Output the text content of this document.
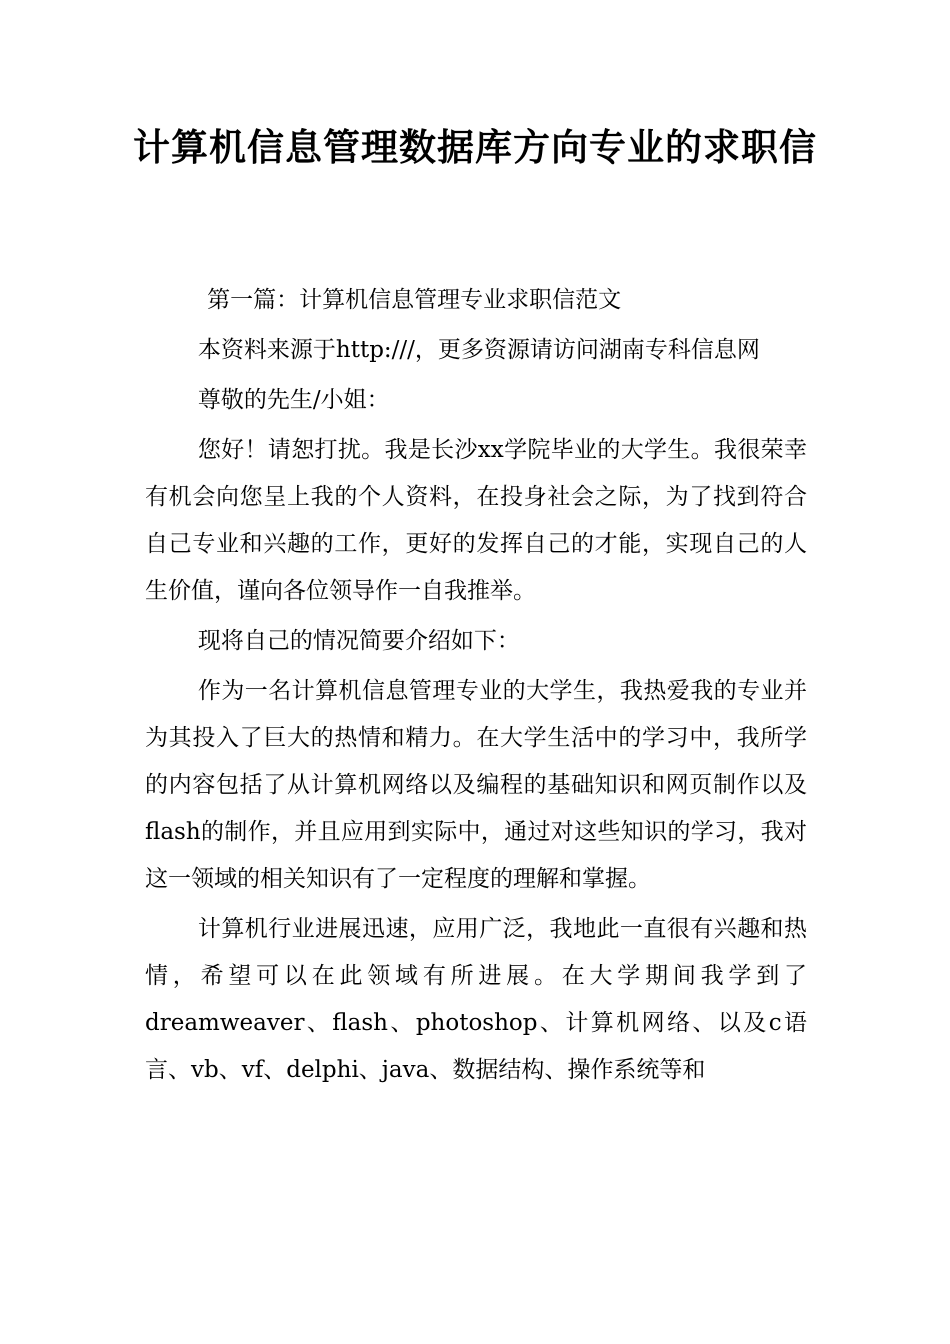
计算机信息管理数据库方向专业的求职信

第一篇：计算机信息管理专业求职信范文

本资料来源于http:///，更多资源请访问湖南专科信息网

尊敬的先生/小姐：

您好！请恕打扰。我是长沙xx学院毕业的大学生。我很荣幸有机会向您呈上我的个人资料，在投身社会之际，为了找到符合自己专业和兴趣的工作，更好的发挥自己的才能，实现自己的人生价值，谨向各位领导作一自我推举。

现将自己的情况简要介绍如下：

作为一名计算机信息管理专业的大学生，我热爱我的专业并为其投入了巨大的热情和精力。在大学生活中的学习中，我所学的内容包括了从计算机网络以及编程的基础知识和网页制作以及flash的制作，并且应用到实际中，通过对这些知识的学习，我对这一领域的相关知识有了一定程度的理解和掌握。

计算机行业进展迅速，应用广泛，我地此一直很有兴趣和热情，希望可以在此领域有所进展。在大学期间我学到了dreamweaver、flash、photoshop、计算机网络、以及c语言、vb、vf、delphi、java、数据结构、操作系统等和
